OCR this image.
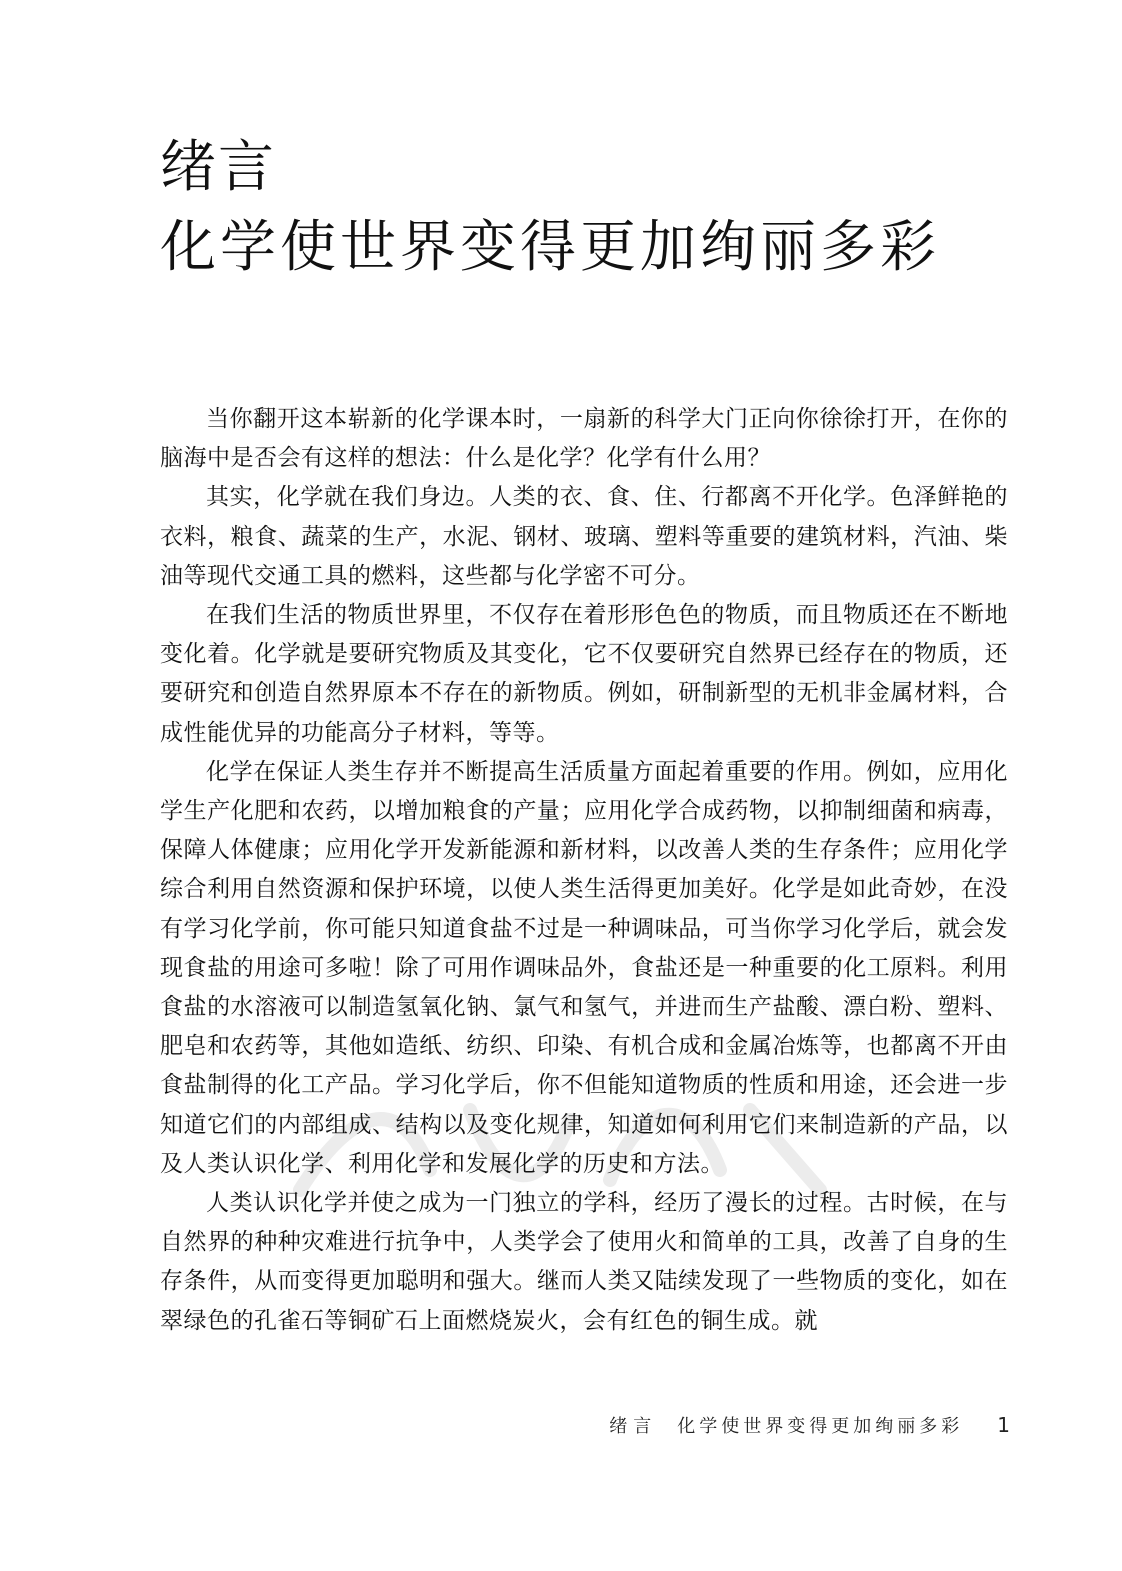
绪言
化学使世界变得更加绚丽多彩

当你翻开这本崭新的化学课本时，一扇新的科学大门正向你徐徐打开，在你的脑海中是否会有这样的想法：什么是化学？化学有什么用？

其实，化学就在我们身边。人类的衣、食、住、行都离不开化学。色泽鲜艳的衣料，粮食、蔬菜的生产，水泥、钢材、玻璃、塑料等重要的建筑材料，汽油、柴油等现代交通工具的燃料，这些都与化学密不可分。

在我们生活的物质世界里，不仅存在着形形色色的物质，而且物质还在不断地变化着。化学就是要研究物质及其变化，它不仅要研究自然界已经存在的物质，还要研究和创造自然界原本不存在的新物质。例如，研制新型的无机非金属材料，合成性能优异的功能高分子材料，等等。

化学在保证人类生存并不断提高生活质量方面起着重要的作用。例如，应用化学生产化肥和农药，以增加粮食的产量；应用化学合成药物，以抑制细菌和病毒，保障人体健康；应用化学开发新能源和新材料，以改善人类的生存条件；应用化学综合利用自然资源和保护环境，以使人类生活得更加美好。化学是如此奇妙，在没有学习化学前，你可能只知道食盐不过是一种调味品，可当你学习化学后，就会发现食盐的用途可多啦！除了可用作调味品外，食盐还是一种重要的化工原料。利用食盐的水溶液可以制造氢氧化钠、氯气和氢气，并进而生产盐酸、漂白粉、塑料、肥皂和农药等，其他如造纸、纺织、印染、有机合成和金属冶炼等，也都离不开由食盐制得的化工产品。学习化学后，你不但能知道物质的性质和用途，还会进一步知道它们的内部组成、结构以及变化规律，知道如何利用它们来制造新的产品，以及人类认识化学、利用化学和发展化学的历史和方法。

人类认识化学并使之成为一门独立的学科，经历了漫长的过程。古时候，在与自然界的种种灾难进行抗争中，人类学会了使用火和简单的工具，改善了自身的生存条件，从而变得更加聪明和强大。继而人类又陆续发现了一些物质的变化，如在翠绿色的孔雀石等铜矿石上面燃烧炭火，会有红色的铜生成。就

绪言 化学使世界变得更加绚丽多彩 1
